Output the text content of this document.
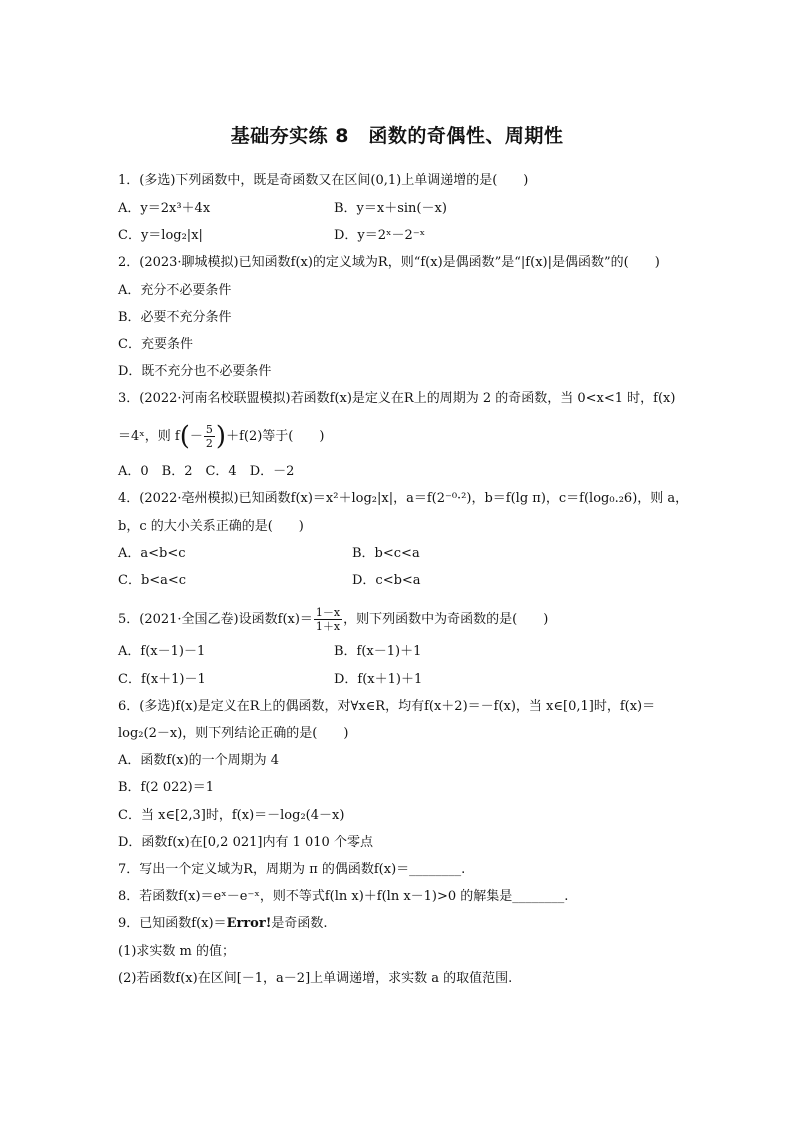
基础夯实练 8　函数的奇偶性、周期性
1．(多选)下列函数中，既是奇函数又在区间(0,1)上单调递增的是(　　)
A．y＝2x³＋4x	B．y＝x＋sin(－x)
C．y＝log₂|x|	D．y＝2ˣ－2⁻ˣ
2．(2023·聊城模拟)已知函数f(x)的定义域为R，则“f(x)是偶函数”是“|f(x)|是偶函数”的(　　)
A．充分不必要条件
B．必要不充分条件
C．充要条件
D．既不充分也不必要条件
3．(2022·河南名校联盟模拟)若函数f(x)是定义在R上的周期为 2 的奇函数，当 0<x<1 时，f(x)
＝4ˣ，则 $f(- \frac{5}{2} )+f(2)$等于(　　)
A．0 B．2 C．4 D．－2
4．(2022·亳州模拟)已知函数f(x)＝x²＋log₂|x|，a＝f(2⁻⁰·²)，b＝f(lg π)，c＝f(log₀.₂6)，则 a，
b，c 的大小关系正确的是(　　)
A．a<b<c	B．b<c<a
C．b<a<c	D．c<b<a
5．(2021·全国乙卷)设函数$f(x)= \frac{1-x}{1+x}$ ，则下列函数中为奇函数的是(　　)
A．f(x－1)－1	B．f(x－1)＋1
C．f(x＋1)－1	D．f(x＋1)＋1
6．(多选)f(x)是定义在R上的偶函数，对∀x∈R，均有f(x＋2)＝－f(x)，当 x∈[0,1]时，f(x)＝
log₂(2－x)，则下列结论正确的是(　　)
A．函数f(x)的一个周期为 4
B．f(2 022)＝1
C．当 x∈[2,3]时，f(x)＝－log₂(4－x)
D．函数f(x)在[0,2 021]内有 1 010 个零点
7．写出一个定义域为R，周期为 π 的偶函数f(x)＝________.
8．若函数f(x)＝eˣ－e⁻ˣ，则不等式f(ln x)＋f(ln x－1)>0 的解集是________.
9．已知函数f(x)＝Error!是奇函数.
(1)求实数 m 的值；
(2)若函数f(x)在区间[－1，a－2]上单调递增，求实数 a 的取值范围.
